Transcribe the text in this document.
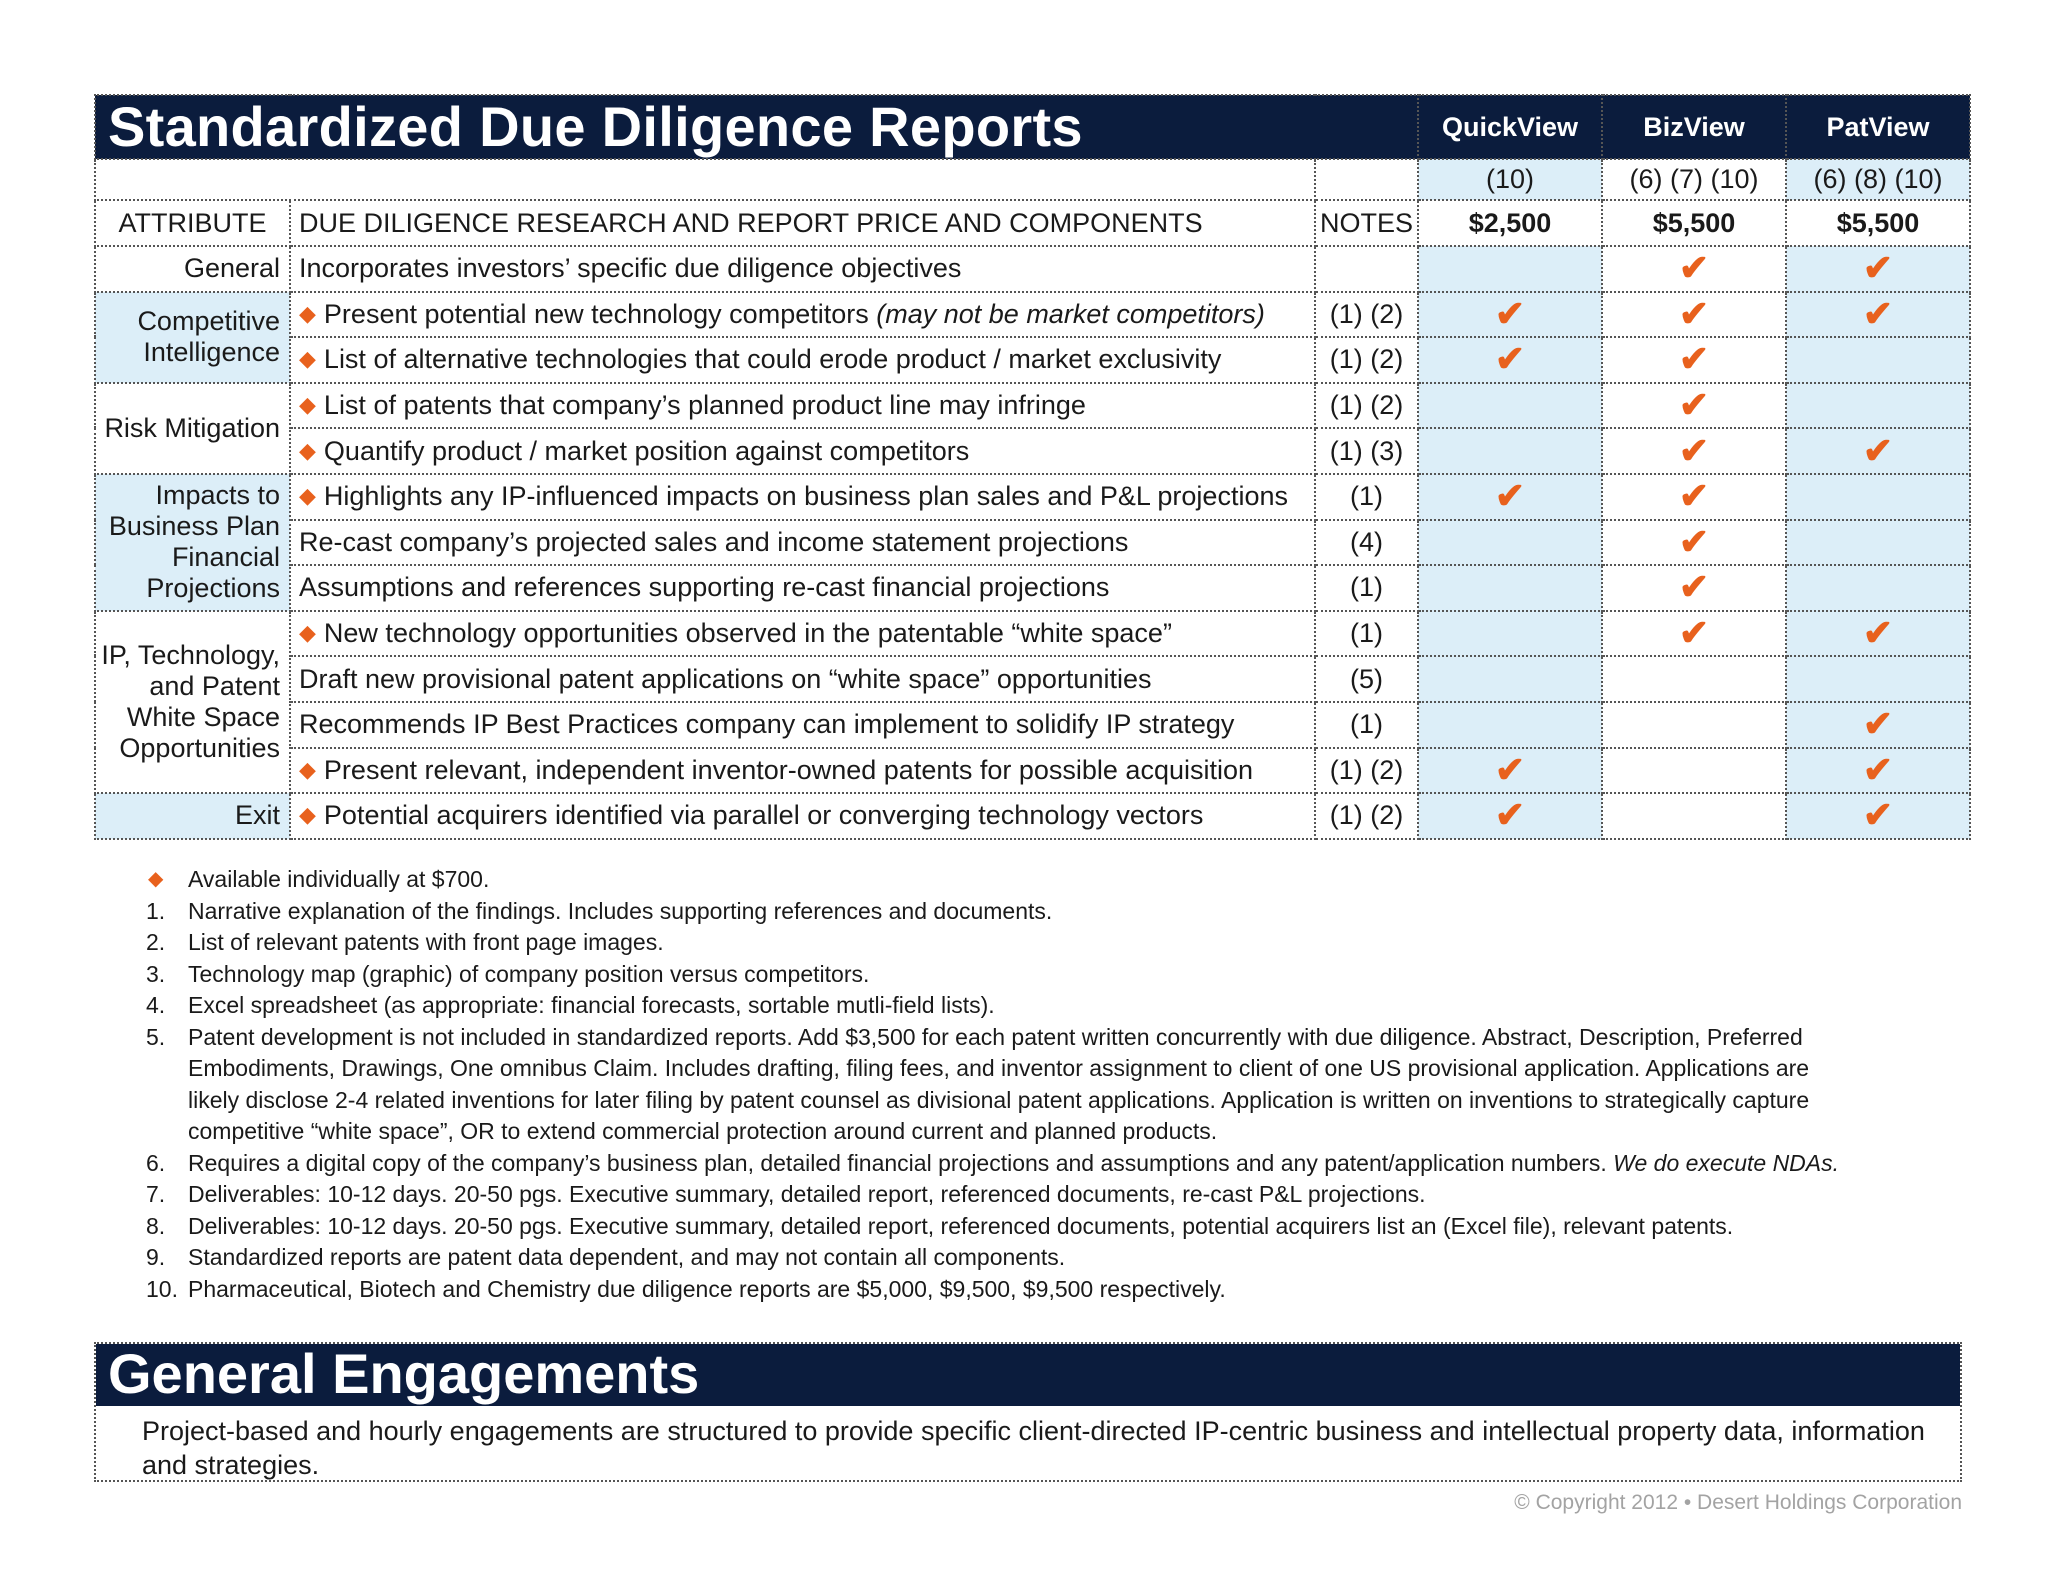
Standardized Due Diligence Reports			QuickView	BizView	PatView
			(10)	(6) (7) (10)	(6) (8) (10)
ATTRIBUTE	DUE DILIGENCE RESEARCH AND REPORT PRICE AND COMPONENTS	NOTES	$2,500	$5,500	$5,500
General	Incorporates investors’ specific due diligence objectives			✔	✔
Competitive Intelligence	◆ Present potential new technology competitors (may not be market competitors)	(1) (2)	✔	✔	✔
	◆ List of alternative technologies that could erode product / market exclusivity	(1) (2)	✔	✔	
Risk Mitigation	◆ List of patents that company’s planned product line may infringe	(1) (2)		✔	
	◆ Quantify product / market position against competitors	(1) (3)		✔	✔
Impacts to Business Plan Financial Projections	◆ Highlights any IP-influenced impacts on business plan sales and P&L projections	(1)	✔	✔	
	Re-cast company’s projected sales and income statement projections	(4)		✔	
	Assumptions and references supporting re-cast financial projections	(1)		✔	
IP, Technology, and Patent White Space Opportunities	◆ New technology opportunities observed in the patentable “white space”	(1)		✔	✔
	Draft new provisional patent applications on “white space” opportunities	(5)			
	Recommends IP Best Practices company can implement to solidify IP strategy	(1)			✔
	◆ Present relevant, independent inventor-owned patents for possible acquisition	(1) (2)	✔		✔
Exit	◆ Potential acquirers identified via parallel or converging technology vectors	(1) (2)	✔		✔
◆ Available individually at $700.
1. Narrative explanation of the findings. Includes supporting references and documents.
2. List of relevant patents with front page images.
3. Technology map (graphic) of company position versus competitors.
4. Excel spreadsheet (as appropriate: financial forecasts, sortable mutli-field lists).
5. Patent development is not included in standardized reports. Add $3,500 for each patent written concurrently with due diligence. Abstract, Description, Preferred
Embodiments, Drawings, One omnibus Claim. Includes drafting, filing fees, and inventor assignment to client of one US provisional application. Applications are
likely disclose 2-4 related inventions for later filing by patent counsel as divisional patent applications. Application is written on inventions to strategically capture
competitive “white space”, OR to extend commercial protection around current and planned products.
6. Requires a digital copy of the company’s business plan, detailed financial projections and assumptions and any patent/application numbers. We do execute NDAs.
7. Deliverables: 10-12 days. 20-50 pgs. Executive summary, detailed report, referenced documents, re-cast P&L projections.
8. Deliverables: 10-12 days. 20-50 pgs. Executive summary, detailed report, referenced documents, potential acquirers list an (Excel file), relevant patents.
9. Standardized reports are patent data dependent, and may not contain all components.
10. Pharmaceutical, Biotech and Chemistry due diligence reports are $5,000, $9,500, $9,500 respectively.
General Engagements
Project-based and hourly engagements are structured to provide specific client-directed IP-centric business and intellectual property data, information and strategies.
© Copyright 2012 • Desert Holdings Corporation
